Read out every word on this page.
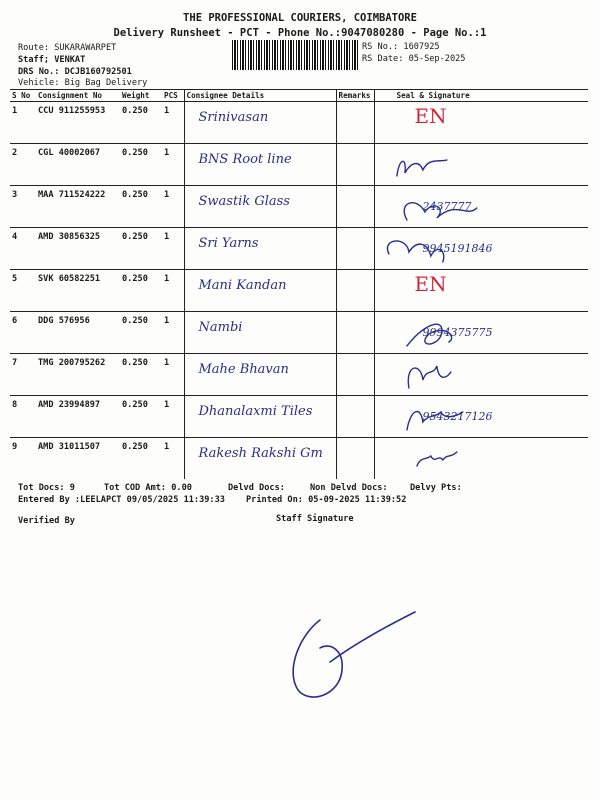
THE PROFESSIONAL COURIERS, COIMBATORE
Delivery Runsheet - PCT - Phone No.:9047080280 - Page No.:1
Route: SUKARAWARPET
Staff; VENKAT
DRS No.: DCJB160792501
Vehicle: Big Bag Delivery
RS No.: 1607925
RS Date: 05-Sep-2025
S No	Consignment No	Weight	PCS	Consignee Details	Remarks	Seal & Signature
1	CCU 911255953	0.250	1	Srinivasan		EN

2	CGL 40002067	0.250	1	BNS Root line		

3	MAA 711524222	0.250	1	Swastik Glass		2437777

4	AMD 30856325	0.250	1	Sri Yarns		9945191846

5	SVK 60582251	0.250	1	Mani Kandan		EN

6	DDG 576956	0.250	1	Nambi		9994375775

7	TMG 200795262	0.250	1	Mahe Bhavan		

8	AMD 23994897	0.250	1	Dhanalaxmi Tiles		9543217126

9	AMD 31011507	0.250	1	Rakesh Rakshi Gm		
Tot Docs: 9	Tot COD Amt: 0.00	Delvd Docs:	Non Delvd Docs:	Delvy Pts:
Entered By :LEELAPCT 09/05/2025 11:39:33 Printed On: 05-09-2025 11:39:52
Verified By	Staff Signature
